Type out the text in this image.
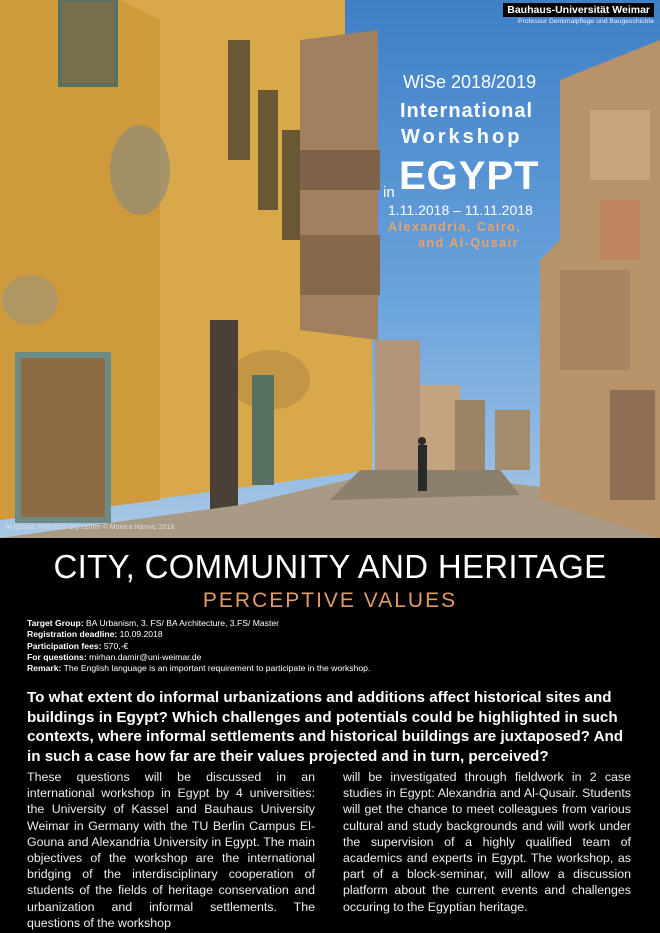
Bauhaus-Universität Weimar
Professur Denkmalpflege und Baugeschichte
WiSe 2018/2019
International
Workshop
in EGYPT
1.11.2018 – 11.11.2018
Alexandria, Cairo,
and Al-Qusair
Al-Qusair: Historical city center © Monica Hanna, 2018
CITY, COMMUNITY AND HERITAGE
PERCEPTIVE VALUES
Target Group: BA Urbanism, 3. FS/ BA Architecture, 3.FS/ Master
Registration deadline: 10.09.2018
Participation fees: 570,-€
For questions: mirhan.damir@uni-weimar.de
Remark: The English language is an important requirement to participate in the workshop.
To what extent do informal urbanizations and additions affect historical sites and buildings in Egypt? Which challenges and potentials could be highlighted in such contexts, where informal settlements and historical buildings are juxtaposed? And in such a case how far are their values projected and in turn, perceived?
These questions will be discussed in an international workshop in Egypt by 4 universities: the University of Kassel and Bauhaus University Weimar in Germany with the TU Berlin Campus El-Gouna and Alexandria University in Egypt. The main objectives of the workshop are the international bridging of the interdisciplinary cooperation of students of the fields of heritage conservation and urbanization and informal settlements. The questions of the workshop
will be investigated through fieldwork in 2 case studies in Egypt: Alexandria and Al-Qusair. Students will get the chance to meet colleagues from various cultural and study backgrounds and will work under the supervision of a highly qualified team of academics and experts in Egypt. The workshop, as part of a block-seminar, will allow a discussion platform about the current events and challenges occuring to the Egyptian heritage.
